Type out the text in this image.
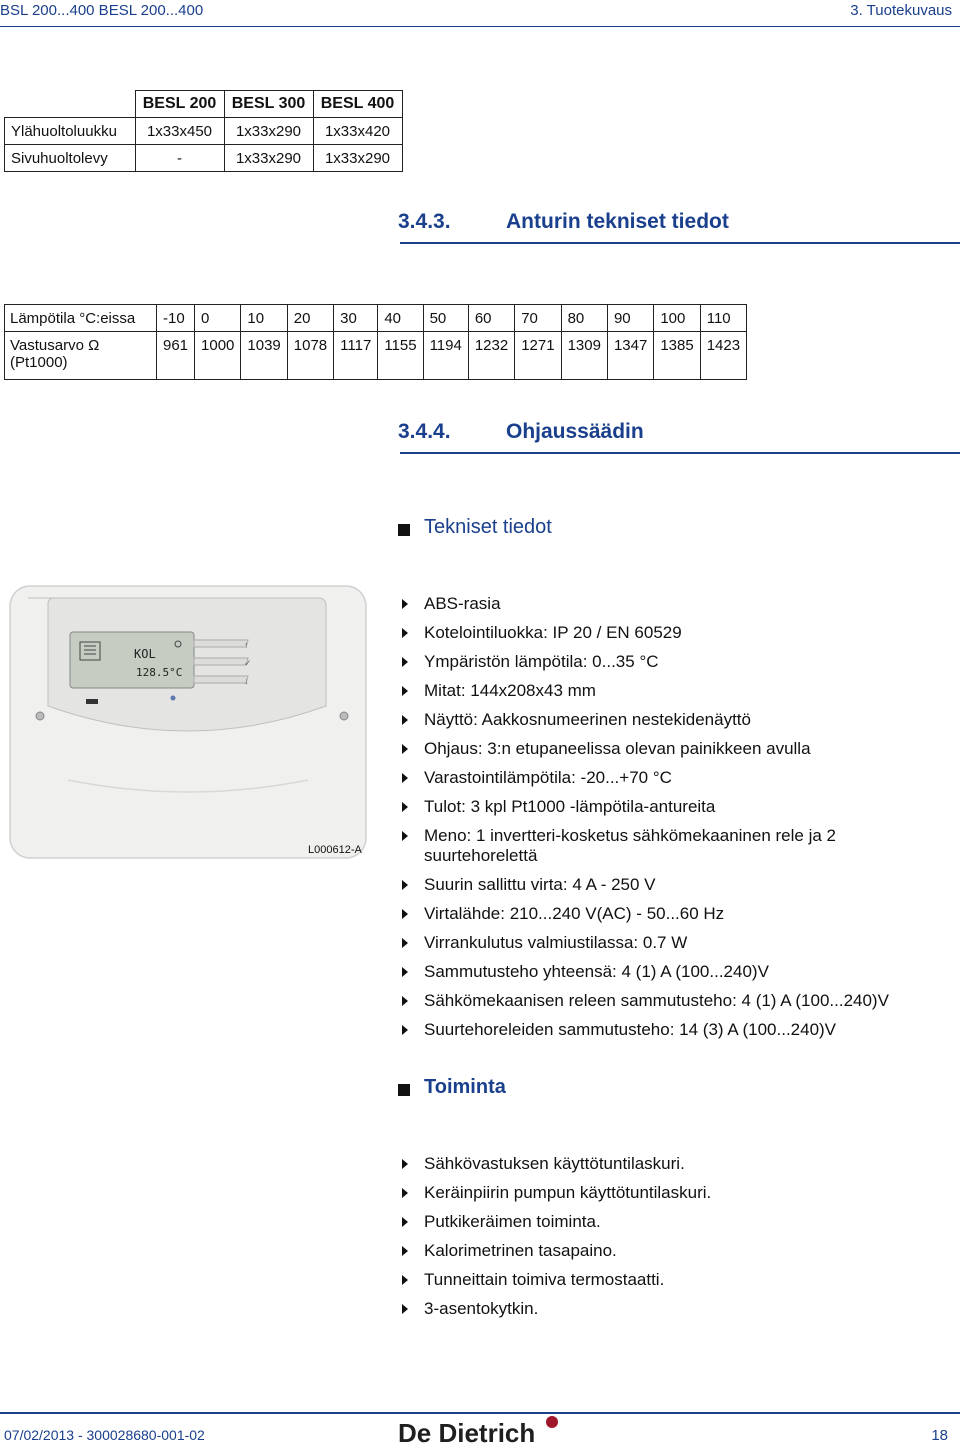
BSL 200...400 BESL 200...400	3. Tuotekuvaus
	BESL 200	BESL 300	BESL 400
Ylähuoltoluukku	1x33x450	1x33x290	1x33x420
Sivuhuoltolevy	-	1x33x290	1x33x290
3.4.3.	Anturin tekniset tiedot
Lämpötila °C:eissa	-10	0	10	20	30	40	50	60	70	80	90	100	110

Vastusarvo Ω
(Pt1000)	961	1000	1039	1078	1117	1155	1194	1232	1271	1309	1347	1385	1423
3.4.4.	Ohjaussäädin
Tekniset tiedot
KOL
128.5°C
↑
✓
↓
L000612-A
ABS-rasia
Kotelointiluokka: IP 20 / EN 60529
Ympäristön lämpötila: 0...35 °C
Mitat: 144x208x43 mm
Näyttö: Aakkosnumeerinen nestekidenäyttö
Ohjaus: 3:n etupaneelissa olevan painikkeen avulla
Varastointilämpötila: -20...+70 °C
Tulot: 3 kpl Pt1000 -lämpötila-antureita
Meno: 1 invertteri-kosketus sähkömekaaninen rele ja 2 suurtehorelettä
Suurin sallittu virta: 4 A - 250 V
Virtalähde: 210...240 V(AC) - 50...60 Hz
Virrankulutus valmiustilassa: 0.7 W
Sammutusteho yhteensä: 4 (1) A (100...240)V
Sähkömekaanisen releen sammutusteho: 4 (1) A (100...240)V
Suurtehoreleiden sammutusteho: 14 (3) A (100...240)V
Toiminta
Sähkövastuksen käyttötuntilaskuri.
Keräinpiirin pumpun käyttötuntilaskuri.
Putkikeräimen toiminta.
Kalorimetrinen tasapaino.
Tunneittain toimiva termostaatti.
3-asentokytkin.
07/02/2013 - 300028680-001-02	De Dietrich	18
